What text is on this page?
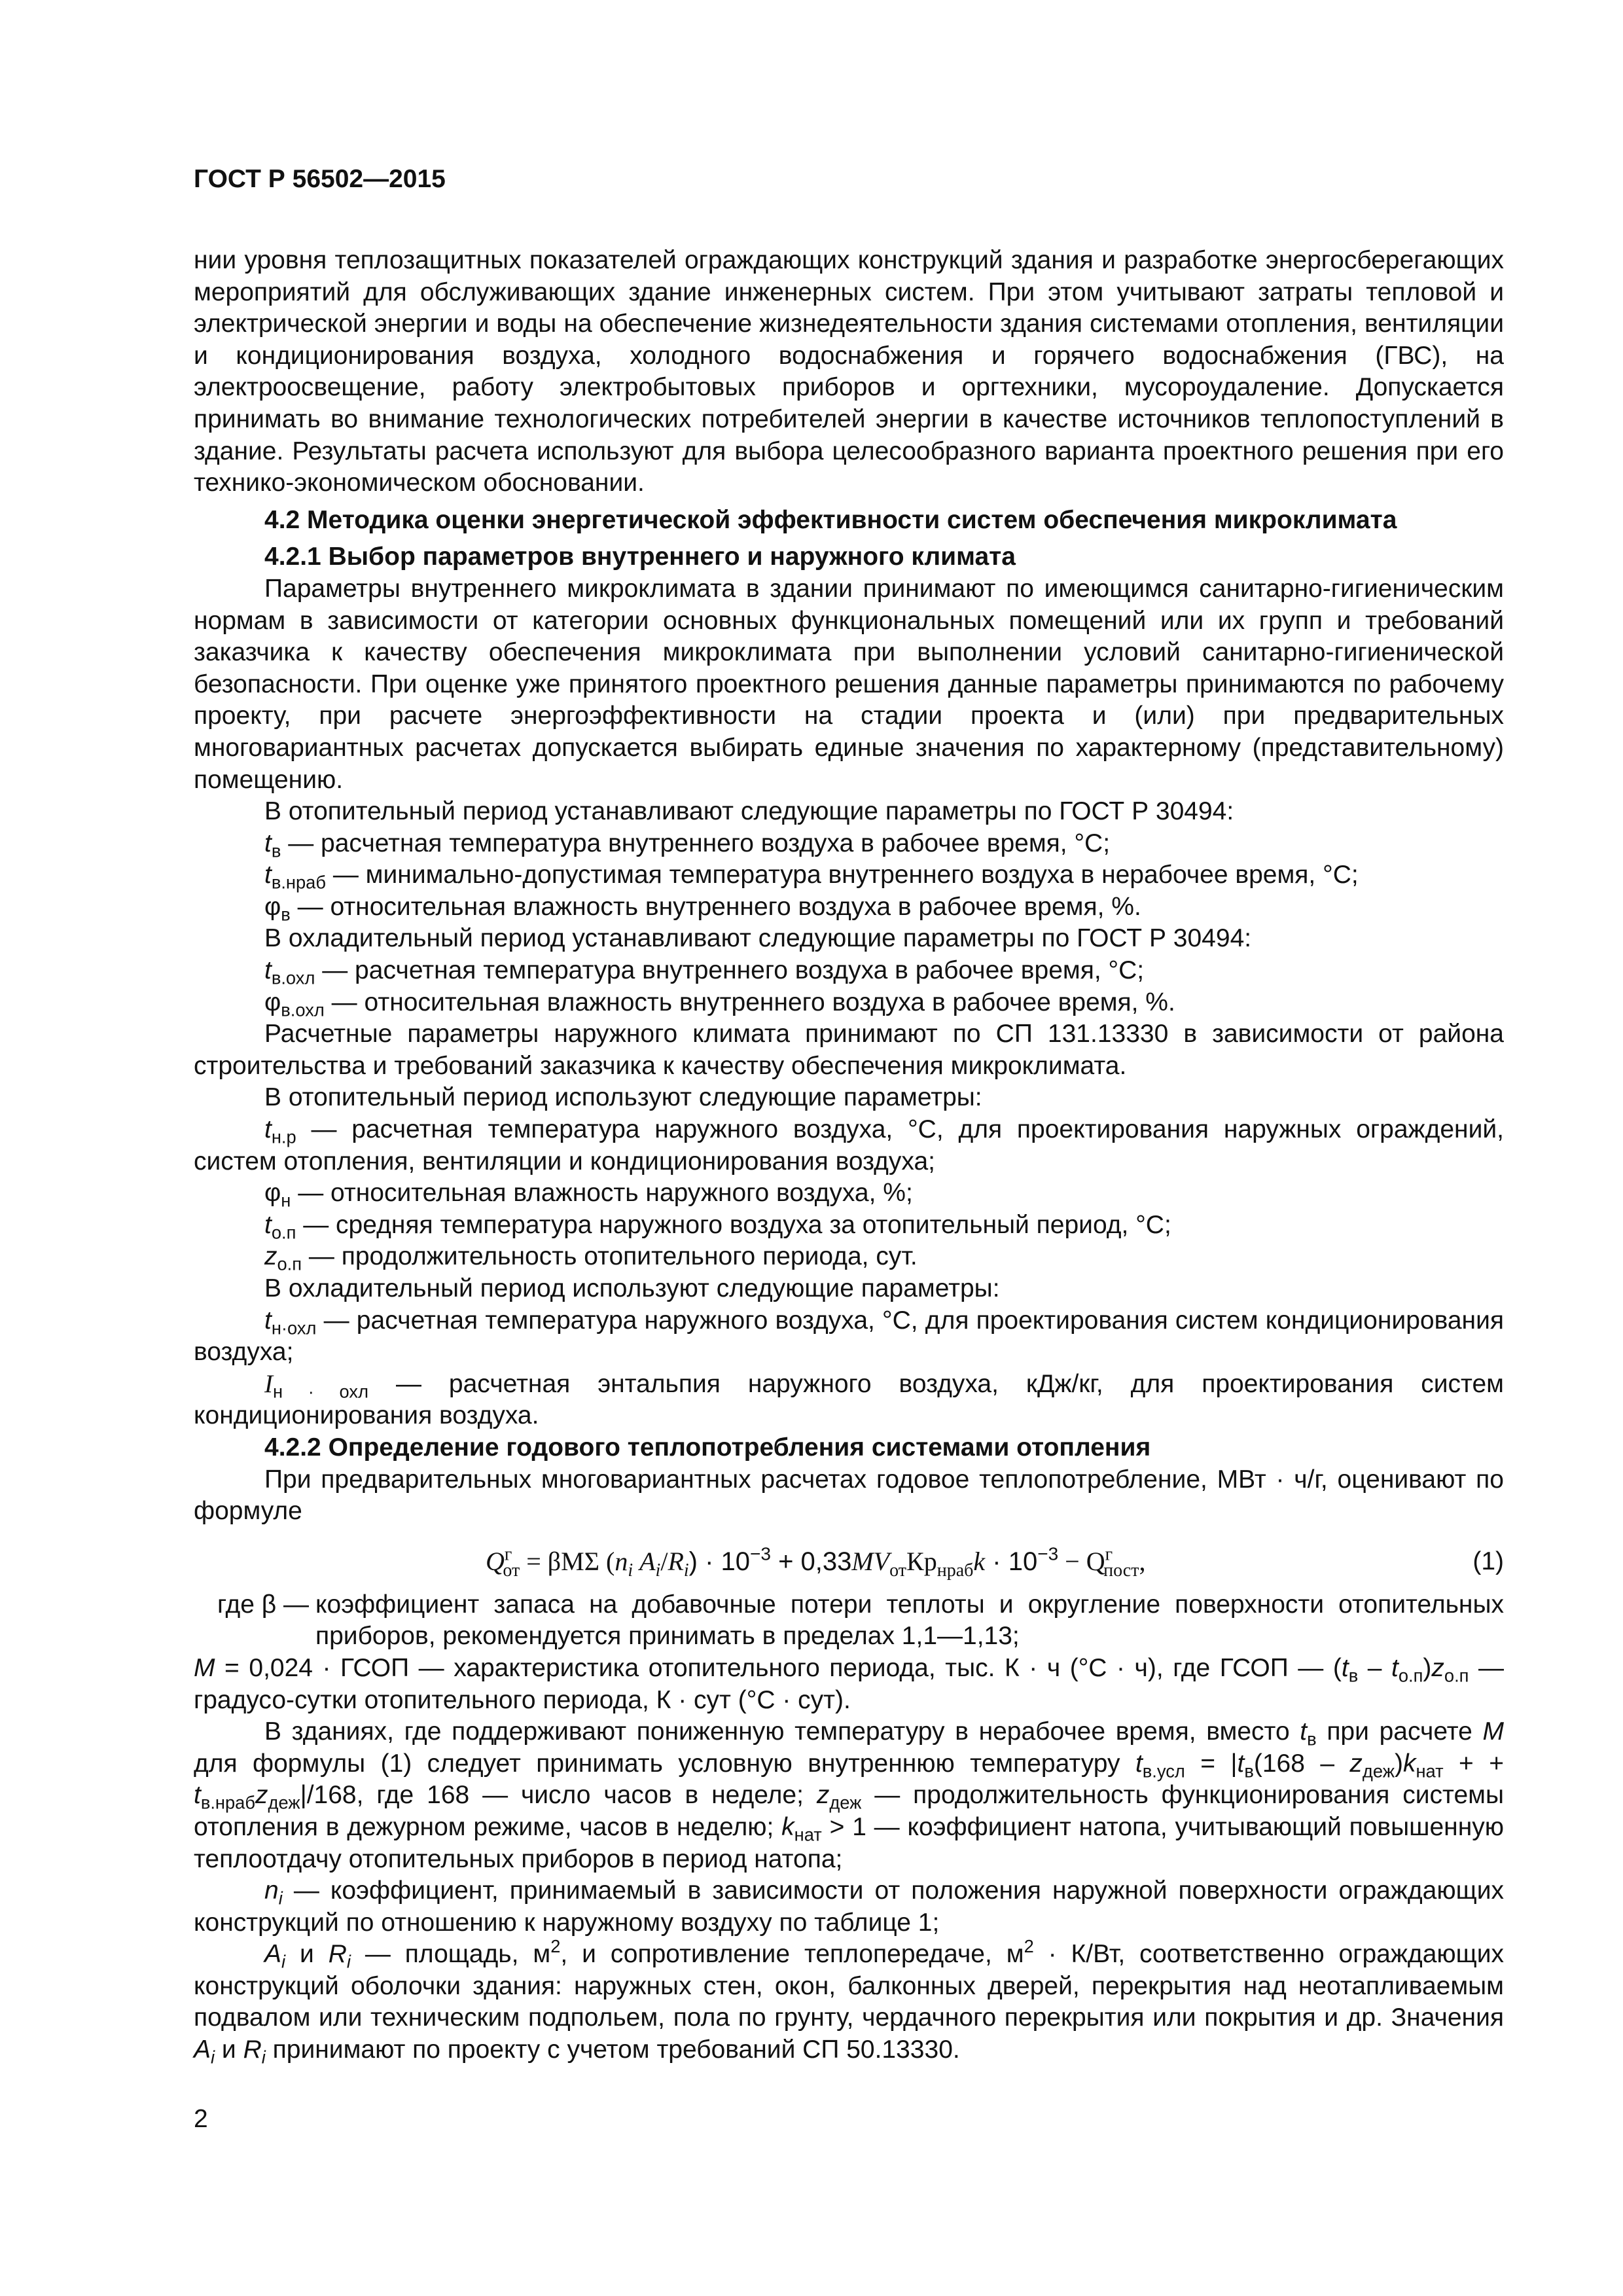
ГОСТ Р 56502—2015

нии уровня теплозащитных показателей ограждающих конструкций здания и разработке энергосберегающих мероприятий для обслуживающих здание инженерных систем. При этом учитывают затраты тепловой и электрической энергии и воды на обеспечение жизнедеятельности здания системами отопления, вентиляции и кондиционирования воздуха, холодного водоснабжения и горячего водоснабжения (ГВС), на электроосвещение, работу электробытовых приборов и оргтехники, мусороудаление. Допускается принимать во внимание технологических потребителей энергии в качестве источников теплопоступлений в здание. Результаты расчета используют для выбора целесообразного варианта проектного решения при его технико-экономическом обосновании.

4.2 Методика оценки энергетической эффективности систем обеспечения микроклимата

4.2.1 Выбор параметров внутреннего и наружного климата

Параметры внутреннего микроклимата в здании принимают по имеющимся санитарно-гигиеническим нормам в зависимости от категории основных функциональных помещений или их групп и требований заказчика к качеству обеспечения микроклимата при выполнении условий санитарно-гигиенической безопасности. При оценке уже принятого проектного решения данные параметры принимаются по рабочему проекту, при расчете энергоэффективности на стадии проекта и (или) при предварительных многовариантных расчетах допускается выбирать единые значения по характерному (представительному) помещению.

В отопительный период устанавливают следующие параметры по ГОСТ Р 30494:

$t_в$ — расчетная температура внутреннего воздуха в рабочее время, °С;

$t_{в.нраб}$ — минимально-допустимая температура внутреннего воздуха в нерабочее время, °С;

$\varphi_в$ — относительная влажность внутреннего воздуха в рабочее время, %.

В охладительный период устанавливают следующие параметры по ГОСТ Р 30494:

$t_{в.охл}$ — расчетная температура внутреннего воздуха в рабочее время, °С;

$\varphi_{в.охл}$ — относительная влажность внутреннего воздуха в рабочее время, %.

Расчетные параметры наружного климата принимают по СП 131.13330 в зависимости от района строительства и требований заказчика к качеству обеспечения микроклимата.

В отопительный период используют следующие параметры:

$t_{н.р}$ — расчетная температура наружного воздуха, °С, для проектирования наружных ограждений, систем отопления, вентиляции и кондиционирования воздуха;

$\varphi_н$ — относительная влажность наружного воздуха, %;

$t_{о.п}$ — средняя температура наружного воздуха за отопительный период, °С;

$z_{о.п}$ — продолжительность отопительного периода, сут.

В охладительный период используют следующие параметры:

$t_{н\cdot охл}$ — расчетная температура наружного воздуха, °С, для проектирования систем кондиционирования воздуха;

$I_{н \cdot охл}$ — расчетная энтальпия наружного воздуха, кДж/кг, для проектирования систем кондиционирования воздуха.

4.2.2 Определение годового теплопотребления системами отопления

При предварительных многовариантных расчетах годовое теплопотребление, МВт · ч/г, оценивают по формуле

$Q^г_{от} = \beta M\Sigma$ ($n_i$ $A_i/R_i) \cdot 10^{-3} + 0,33MV_{от}Кр_{нраб}k \cdot 10^{-3} - Q^г_{пост}$,	(1)
где β — коэффициент запаса на добавочные потери теплоты и округление поверхности отопительных приборов, рекомендуется принимать в пределах 1,1—1,13;

M = 0,024 · ГСОП — характеристика отопительного периода, тыс. К · ч (°С · ч), где ГСОП — $(t_в - t_{о.п})z_{о.п}$ — градусо-сутки отопительного периода, К · сут (°С · сут).

В зданиях, где поддерживают пониженную температуру в нерабочее время, вместо $t_в$ при расчете M для формулы (1) следует принимать условную внутреннюю температуру $t_{в.усл} = |t_в(168 - z_{деж})k_{нат}$ + + $t_{в.нраб}z_{деж}|/168$, где 168 — число часов в неделе; $z_{деж}$ — продолжительность функционирования системы отопления в дежурном режиме, часов в неделю; $k_{нат} > 1$ — коэффициент натопа, учитывающий повышенную теплоотдачу отопительных приборов в период натопа;

$n_i$ — коэффициент, принимаемый в зависимости от положения наружной поверхности ограждающих конструкций по отношению к наружному воздуху по таблице 1;

$A_i$ и $R_i$ — площадь, $м^2$, и сопротивление теплопередаче, $м^2 \cdot К/Вт$, соответственно ограждающих конструкций оболочки здания: наружных стен, окон, балконных дверей, перекрытия над неотапливаемым подвалом или техническим подпольем, пола по грунту, чердачного перекрытия или покрытия и др. Значения $A_i$ и $R_i$ принимают по проекту с учетом требований СП 50.13330.

2
